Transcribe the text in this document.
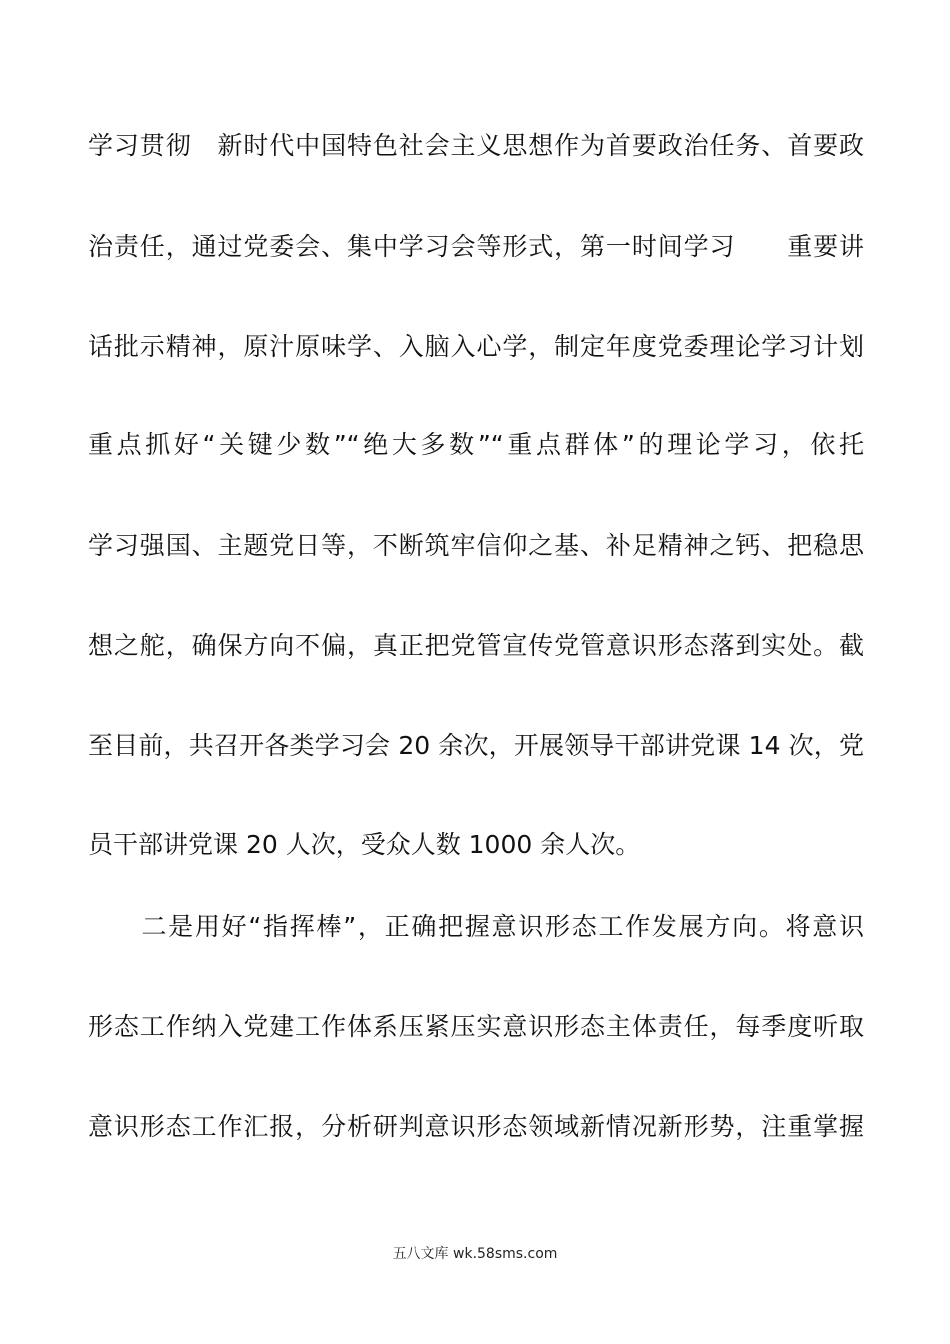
学习贯彻　新时代中国特色社会主义思想作为首要政治任务、首要政
治责任，通过党委会、集中学习会等形式，第一时间学习　　重要讲
话批示精神，原汁原味学、入脑入心学，制定年度党委理论学习计划
重点抓好“关键少数”“绝大多数”“重点群体”的理论学习，依托
学习强国、主题党日等，不断筑牢信仰之基、补足精神之钙、把稳思
想之舵，确保方向不偏，真正把党管宣传党管意识形态落到实处。截
至目前，共召开各类学习会 20 余次，开展领导干部讲党课 14 次，党
员干部讲党课 20 人次，受众人数 1000 余人次。
　　二是用好“指挥棒”，正确把握意识形态工作发展方向。将意识
形态工作纳入党建工作体系压紧压实意识形态主体责任，每季度听取
意识形态工作汇报，分析研判意识形态领域新情况新形势，注重掌握
五八文库 wk.58sms.com
